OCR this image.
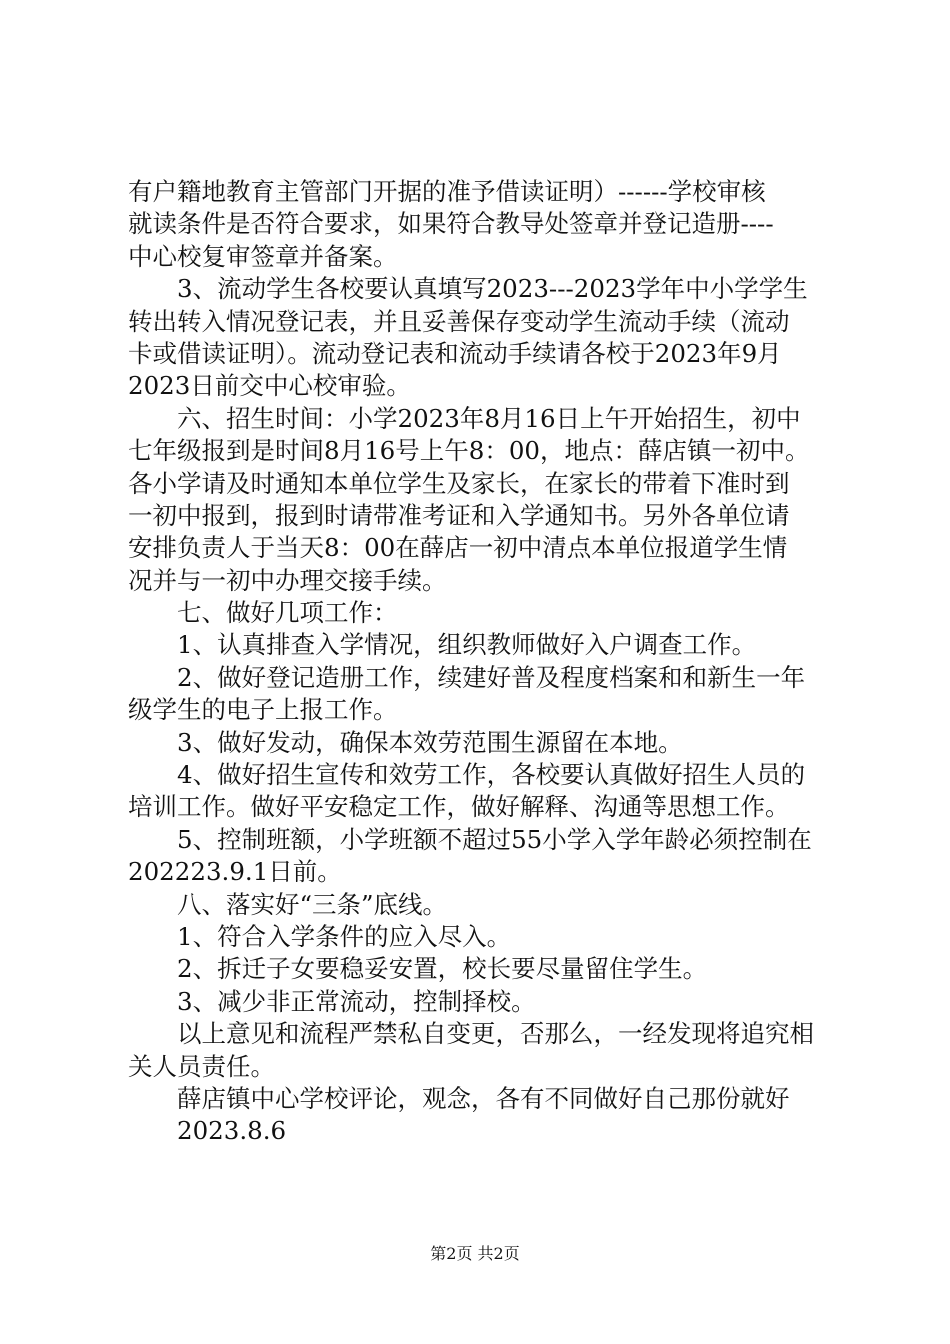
有户籍地教育主管部门开据的准予借读证明）------学校审核
就读条件是否符合要求，如果符合教导处签章并登记造册----
中心校复审签章并备案。
3、流动学生各校要认真填写2023---2023学年中小学学生
转出转入情况登记表，并且妥善保存变动学生流动手续（流动
卡或借读证明）。流动登记表和流动手续请各校于2023年9月
2023日前交中心校审验。
六、招生时间：小学2023年8月16日上午开始招生，初中
七年级报到是时间8月16号上午8：00，地点：薛店镇一初中。
各小学请及时通知本单位学生及家长，在家长的带着下准时到
一初中报到，报到时请带准考证和入学通知书。另外各单位请
安排负责人于当天8：00在薛店一初中清点本单位报道学生情
况并与一初中办理交接手续。
七、做好几项工作：
1、认真排查入学情况，组织教师做好入户调查工作。
2、做好登记造册工作，续建好普及程度档案和和新生一年
级学生的电子上报工作。
3、做好发动，确保本效劳范围生源留在本地。
4、做好招生宣传和效劳工作，各校要认真做好招生人员的
培训工作。做好平安稳定工作，做好解释、沟通等思想工作。
5、控制班额，小学班额不超过55小学入学年龄必须控制在
202223.9.1日前。
八、落实好“三条”底线。
1、符合入学条件的应入尽入。
2、拆迁子女要稳妥安置，校长要尽量留住学生。
3、减少非正常流动，控制择校。
以上意见和流程严禁私自变更，否那么，一经发现将追究相
关人员责任。
薛店镇中心学校评论，观念，各有不同做好自己那份就好
2023.8.6
第2页 共2页
